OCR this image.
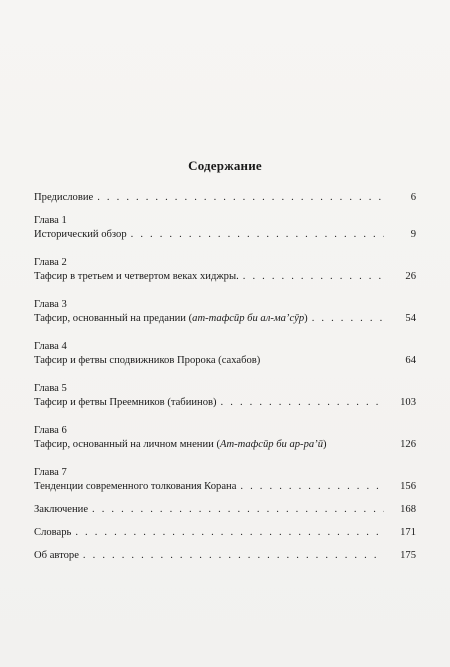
Содержание
Предисловие . . .	6
Глава 1
Исторический обзор . . .	9
Глава 2
Тафсир в третьем и четвертом веках хиджры. . . .	26
Глава 3
Тафсир, основанный на предании (ат-тафсӣр би ал-ма’сӯр) . . .	54
Глава 4
Тафсир и фетвы сподвижников Пророка (сахабов)	64
Глава 5
Тафсир и фетвы Преемников (табиинов) . . .	103
Глава 6
Тафсир, основанный на личном мнении (Ат-тафсӣр би ар-ра’ӣ)	126
Глава 7
Тенденции современного толкования Корана . . .	156
Заключение . . .	168
Словарь . . .	171
Об авторе . . .	175
